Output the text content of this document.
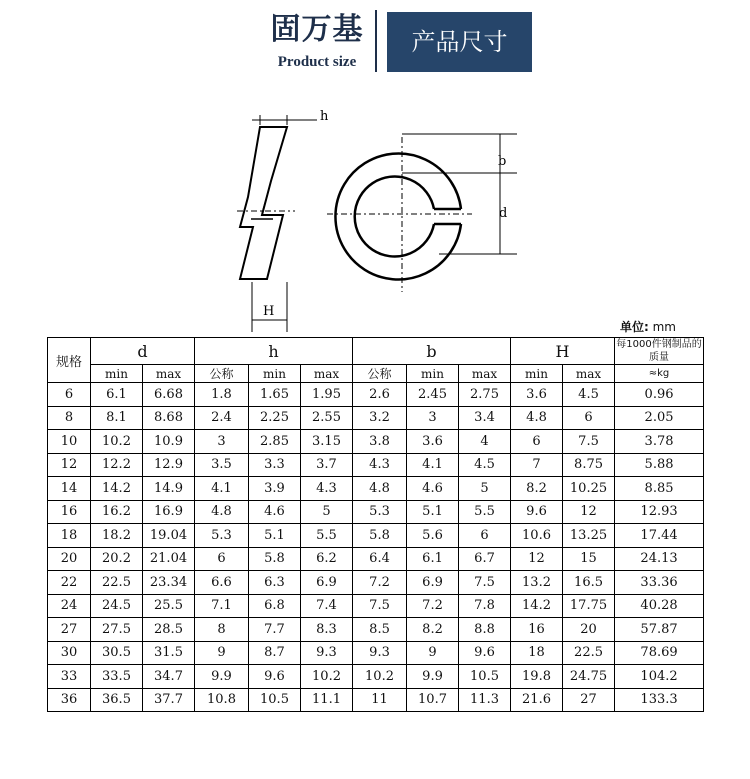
固万基
Product size
产品尺寸
h
H
b
d
单位: mm
规格	d		h			b			H		每1000件钢制品的质量
	min	max	公称	min	max	公称	min	max	min	max	≈kg
6	6.1	6.68	1.8	1.65	1.95	2.6	2.45	2.75	3.6	4.5	0.96
8	8.1	8.68	2.4	2.25	2.55	3.2	3	3.4	4.8	6	2.05
10	10.2	10.9	3	2.85	3.15	3.8	3.6	4	6	7.5	3.78
12	12.2	12.9	3.5	3.3	3.7	4.3	4.1	4.5	7	8.75	5.88
14	14.2	14.9	4.1	3.9	4.3	4.8	4.6	5	8.2	10.25	8.85
16	16.2	16.9	4.8	4.6	5	5.3	5.1	5.5	9.6	12	12.93
18	18.2	19.04	5.3	5.1	5.5	5.8	5.6	6	10.6	13.25	17.44
20	20.2	21.04	6	5.8	6.2	6.4	6.1	6.7	12	15	24.13
22	22.5	23.34	6.6	6.3	6.9	7.2	6.9	7.5	13.2	16.5	33.36
24	24.5	25.5	7.1	6.8	7.4	7.5	7.2	7.8	14.2	17.75	40.28
27	27.5	28.5	8	7.7	8.3	8.5	8.2	8.8	16	20	57.87
30	30.5	31.5	9	8.7	9.3	9.3	9	9.6	18	22.5	78.69
33	33.5	34.7	9.9	9.6	10.2	10.2	9.9	10.5	19.8	24.75	104.2
36	36.5	37.7	10.8	10.5	11.1	11	10.7	11.3	21.6	27	133.3
